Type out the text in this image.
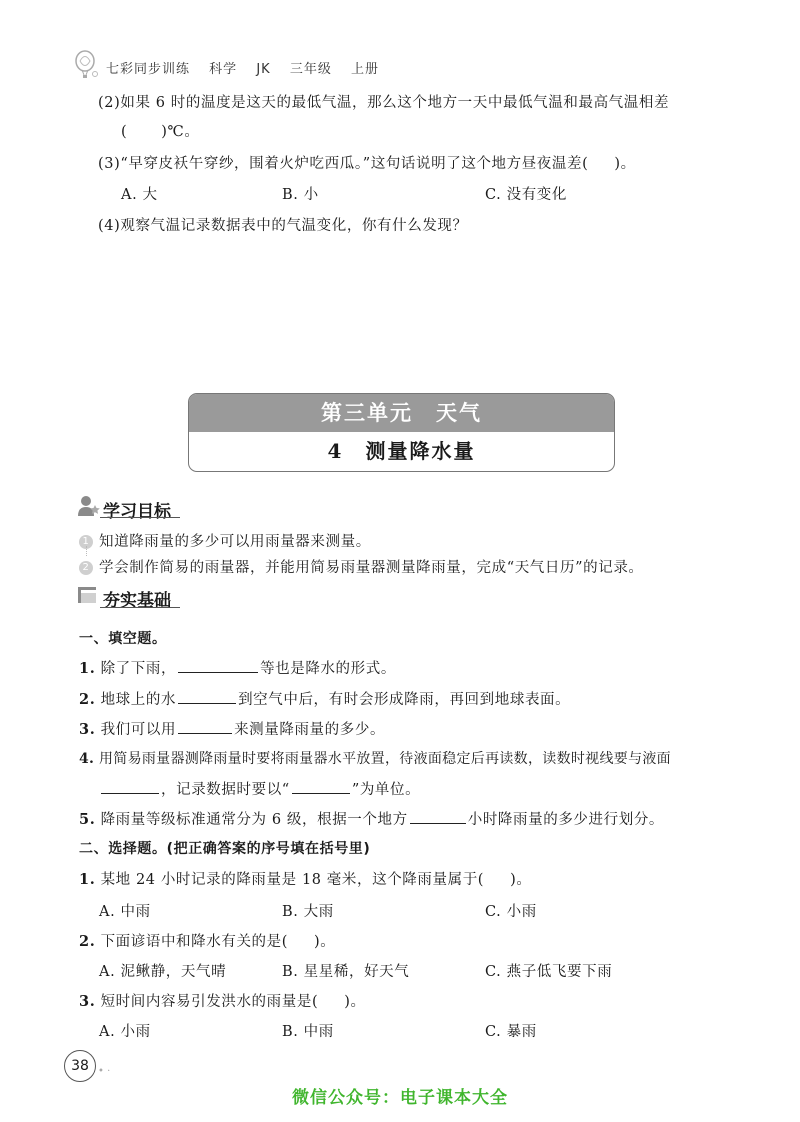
七彩同步训练 科学 JK 三年级 上册
(2)如果 6 时的温度是这天的最低气温，那么这个地方一天中最低气温和最高气温相差
( )℃。
(3)“早穿皮袄午穿纱，围着火炉吃西瓜。”这句话说明了这个地方昼夜温差( )。
A. 大	B. 小	C. 没有变化
(4)观察气温记录数据表中的气温变化，你有什么发现？
第三单元　天气
4　测量降水量
学习目标
1 知道降雨量的多少可以用雨量器来测量。
2 学会制作简易的雨量器，并能用简易雨量器测量降雨量，完成“天气日历”的记录。
夯实基础
一、填空题。
1. 除了下雨，	等也是降水的形式。
2. 地球上的水	到空气中后，有时会形成降雨，再回到地球表面。
3. 我们可以用	来测量降雨量的多少。
4. 用简易雨量器测降雨量时要将雨量器水平放置，待液面稳定后再读数，读数时视线要与液面
，记录数据时要以“	”为单位。
5. 降雨量等级标准通常分为 6 级，根据一个地方	小时降雨量的多少进行划分。
二、选择题。(把正确答案的序号填在括号里)
1. 某地 24 小时记录的降雨量是 18 毫米，这个降雨量属于( )。
A. 中雨	B. 大雨	C. 小雨
2. 下面谚语中和降水有关的是( )。
A. 泥鳅静，天气晴	B. 星星稀，好天气	C. 燕子低飞要下雨
3. 短时间内容易引发洪水的雨量是( )。
A. 小雨	B. 中雨	C. 暴雨
38 • ·
微信公众号：电子课本大全
